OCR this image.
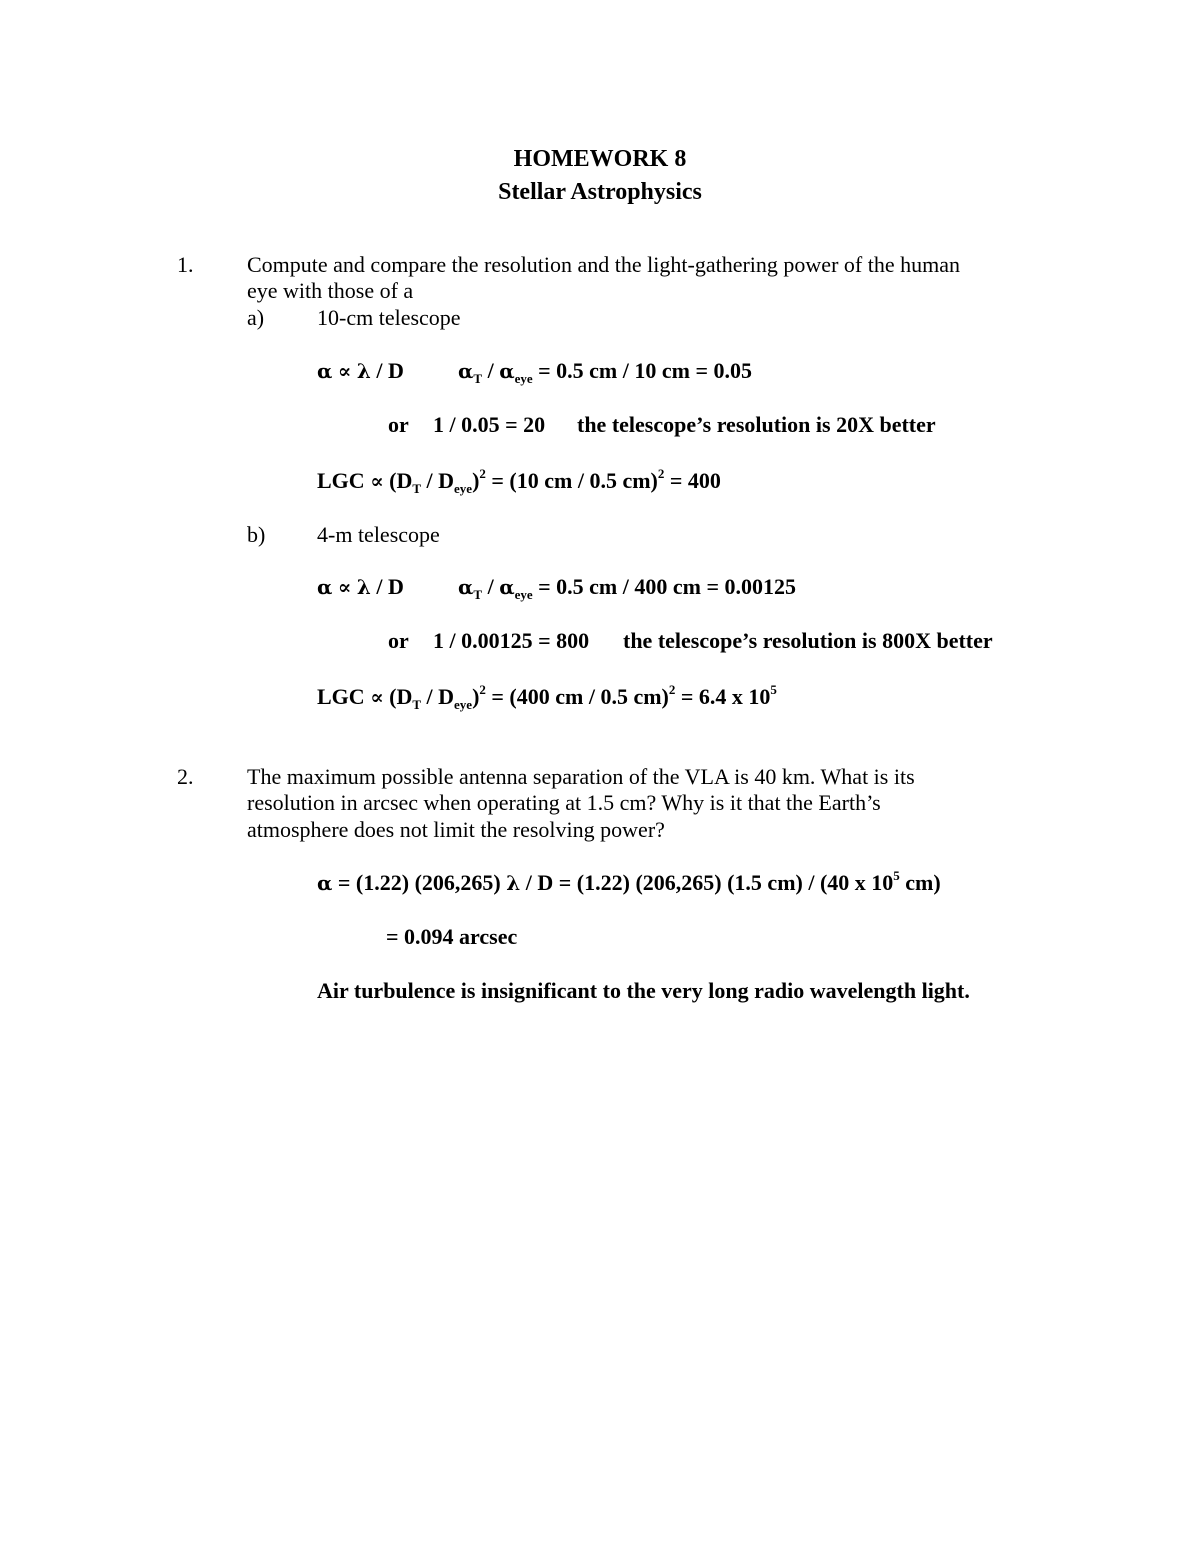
HOMEWORK 8
Stellar Astrophysics
1. Compute and compare the resolution and the light-gathering power of the human
eye with those of a
a) 10-cm telescope
α ∝ λ / D	$\alpha_T / \alpha_{eye} = 0.5$ cm / 10 cm = 0.05
or 1 / 0.05 = 20 the telescope’s resolution is 20X better
LGC ∝ $(D_T / D_{eye})^2 = (10$ cm / 0.5 cm)$^2$ = 400
b) 4-m telescope
α ∝ λ / D	$\alpha_T / \alpha_{eye} = 0.5$ cm / 400 cm = 0.00125
or 1 / 0.00125 = 800 the telescope’s resolution is 800X better
LGC ∝ $(D_T / D_{eye})^2 = (400$ cm / 0.5 cm)$^2$ = 6.4 x $10^5$
2. The maximum possible antenna separation of the VLA is 40 km. What is its
resolution in arcsec when operating at 1.5 cm? Why is it that the Earth’s
atmosphere does not limit the resolving power?
α = (1.22) (206,265) λ / D = (1.22) (206,265) (1.5 cm) / (40 x $10^5$ cm)
= 0.094 arcsec
Air turbulence is insignificant to the very long radio wavelength light.
